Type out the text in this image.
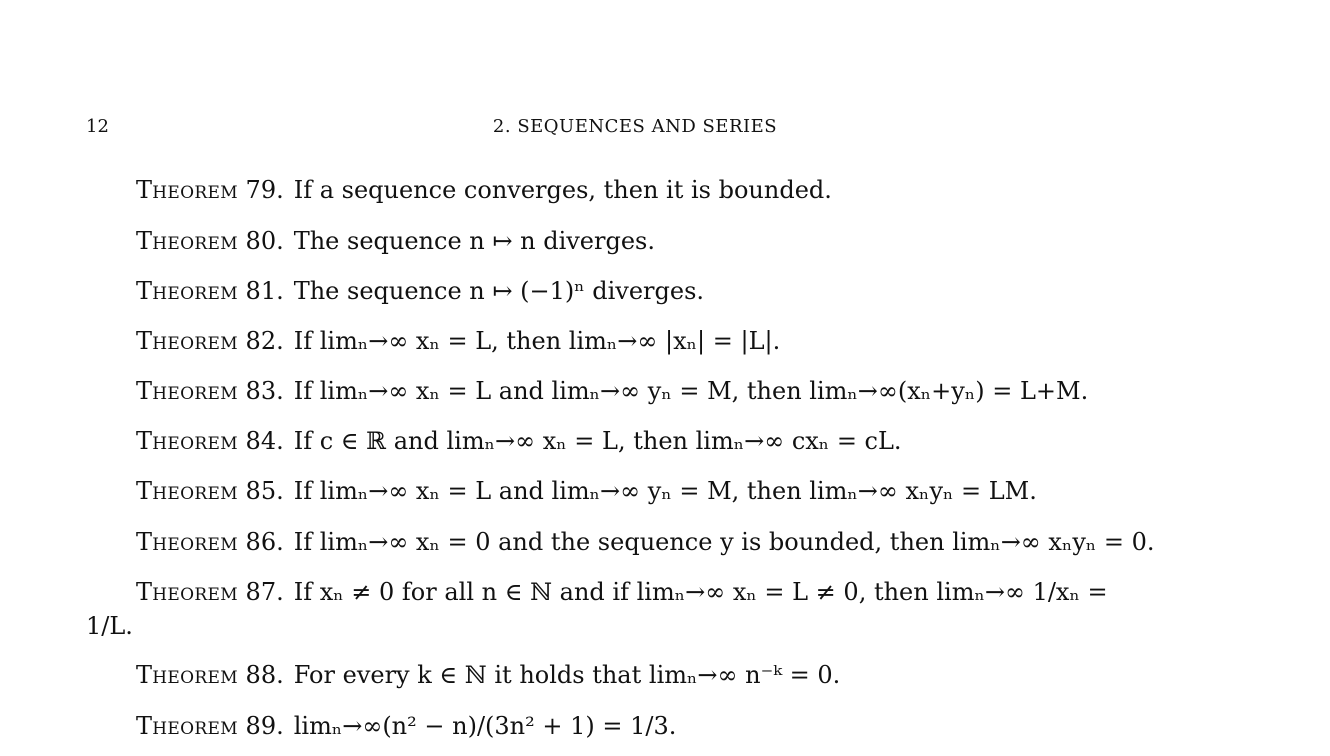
12	2. SEQUENCES AND SERIES
Theorem 79. If a sequence converges, then it is bounded.
Theorem 80. The sequence n ↦ n diverges.
Theorem 81. The sequence n ↦ (−1)ⁿ diverges.
Theorem 82. If limₙ→∞ xₙ = L, then limₙ→∞ |xₙ| = |L|.
Theorem 83. If limₙ→∞ xₙ = L and limₙ→∞ yₙ = M, then limₙ→∞(xₙ+yₙ) = L+M.
Theorem 84. If c ∈ ℝ and limₙ→∞ xₙ = L, then limₙ→∞ cxₙ = cL.
Theorem 85. If limₙ→∞ xₙ = L and limₙ→∞ yₙ = M, then limₙ→∞ xₙyₙ = LM.
Theorem 86. If limₙ→∞ xₙ = 0 and the sequence y is bounded, then limₙ→∞ xₙyₙ = 0.
Theorem 87. If xₙ ≠ 0 for all n ∈ ℕ and if limₙ→∞ xₙ = L ≠ 0, then limₙ→∞ 1/xₙ =
1/L.
Theorem 88. For every k ∈ ℕ it holds that limₙ→∞ n⁻ᵏ = 0.
Theorem 89. limₙ→∞(n² − n)/(3n² + 1) = 1/3.
